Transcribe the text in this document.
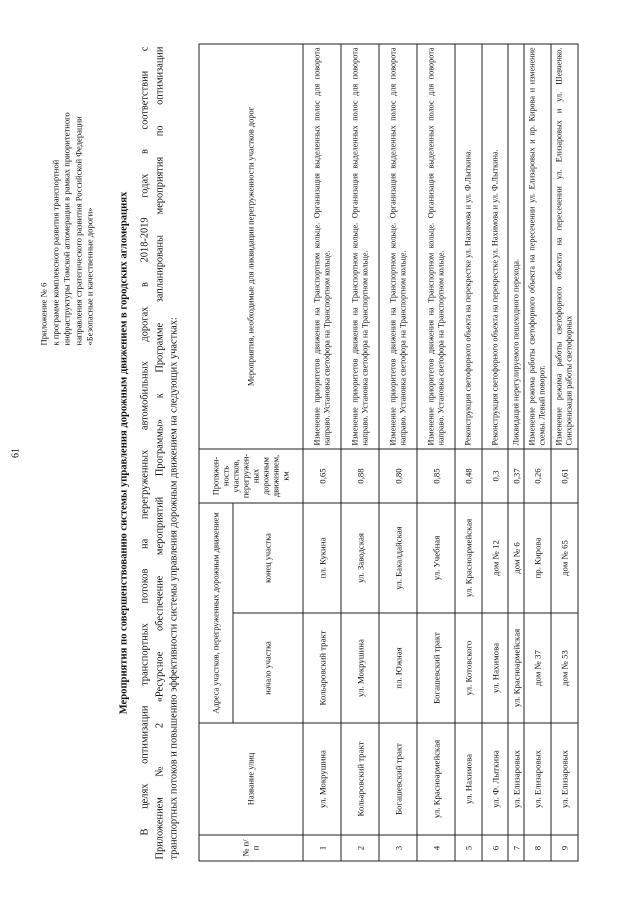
61
Приложение № 6 к программе комплексного развития транспортной инфраструктуры Томской агломерации в рамках приоритетного направления стратегического развития Российской Федерации «Безопасные и качественные дороги» Мероприятия по совершенствованию системы управления дорожным движением в городских агломерациях В целях оптимизации транспортных потоков на перегруженных автомобильных дорогах в 2018-2019 годах в соответствии с Приложением № 2 «Ресурсное обеспечение мероприятий Программы» к Программе запланированы мероприятия по оптимизации транспортных потоков и повышению эффективности системы управления дорожным движением на следующих участках:	№ п/п	Название улиц	Адреса участков, перегруженных дорожным движением		Протяжен-ность участков, перегружен-ных дорожным движением, км	Мероприятия, необходимые для ликвидации перегруженности участков дорог
		начало участка	конец участка		
1	ул. Мокрушина	Кольаровский тракт	пл. Кукина	0,65	Изменение приоритетов движения на Транспортном кольце. Организация выделенных полос для поворота направо. Установка светофора на Транспортном кольце.
2	Кольаровский тракт	ул. Мокрушина	ул. Заводская	0,88	Изменение приоритетов движения на Транспортном кольце. Организация выделенных полос для поворота направо. Установка светофора на Транспортном кольце.
3	Богашевский тракт	пл. Южная	ул. Бакалдайская	0,80	Изменение приоритетов движения на Транспортном кольце. Организация выделенных полос для поворота направо. Установка светофора на Транспортном кольце.
4	ул. Красноармейская	Богашевский тракт	ул. Учебная	0,85	Изменение приоритетов движения на Транспортном кольце. Организация выделенных полос для поворота направо. Установка светофора на Транспортном кольце.
5	ул. Нахимова	ул. Котовского	ул. Красноармейская	0,48	Реконструкция светофорного объекта на перекрестке ул. Нахимова и ул. Ф.Лыткина.
6	ул. Ф. Лыткина	ул. Нахимова	дом № 12	0,3	Реконструкция светофорного объекта на перекрестке ул. Нахимова и ул. Ф.Лыткина.
7	ул. Елизаровых	ул. Красноармейская	дом № 6	0,37	Ликвидация нерегулируемого пешеходного перехода.
8	ул. Елизаровых	дом № 37	пр. Кирова	0,26	Изменение режима работы светофорного объекта на пересечении ул. Елизаровых и пр. Кирова и изменение схемы. Левый поворот.
9	ул. Елизаровых	дом № 53	дом № 65	0,61	Изменение режима работы светофорного объекта на пересечении ул. Елизаровых и ул. Шевченко. Синхронизация работы светофорных
